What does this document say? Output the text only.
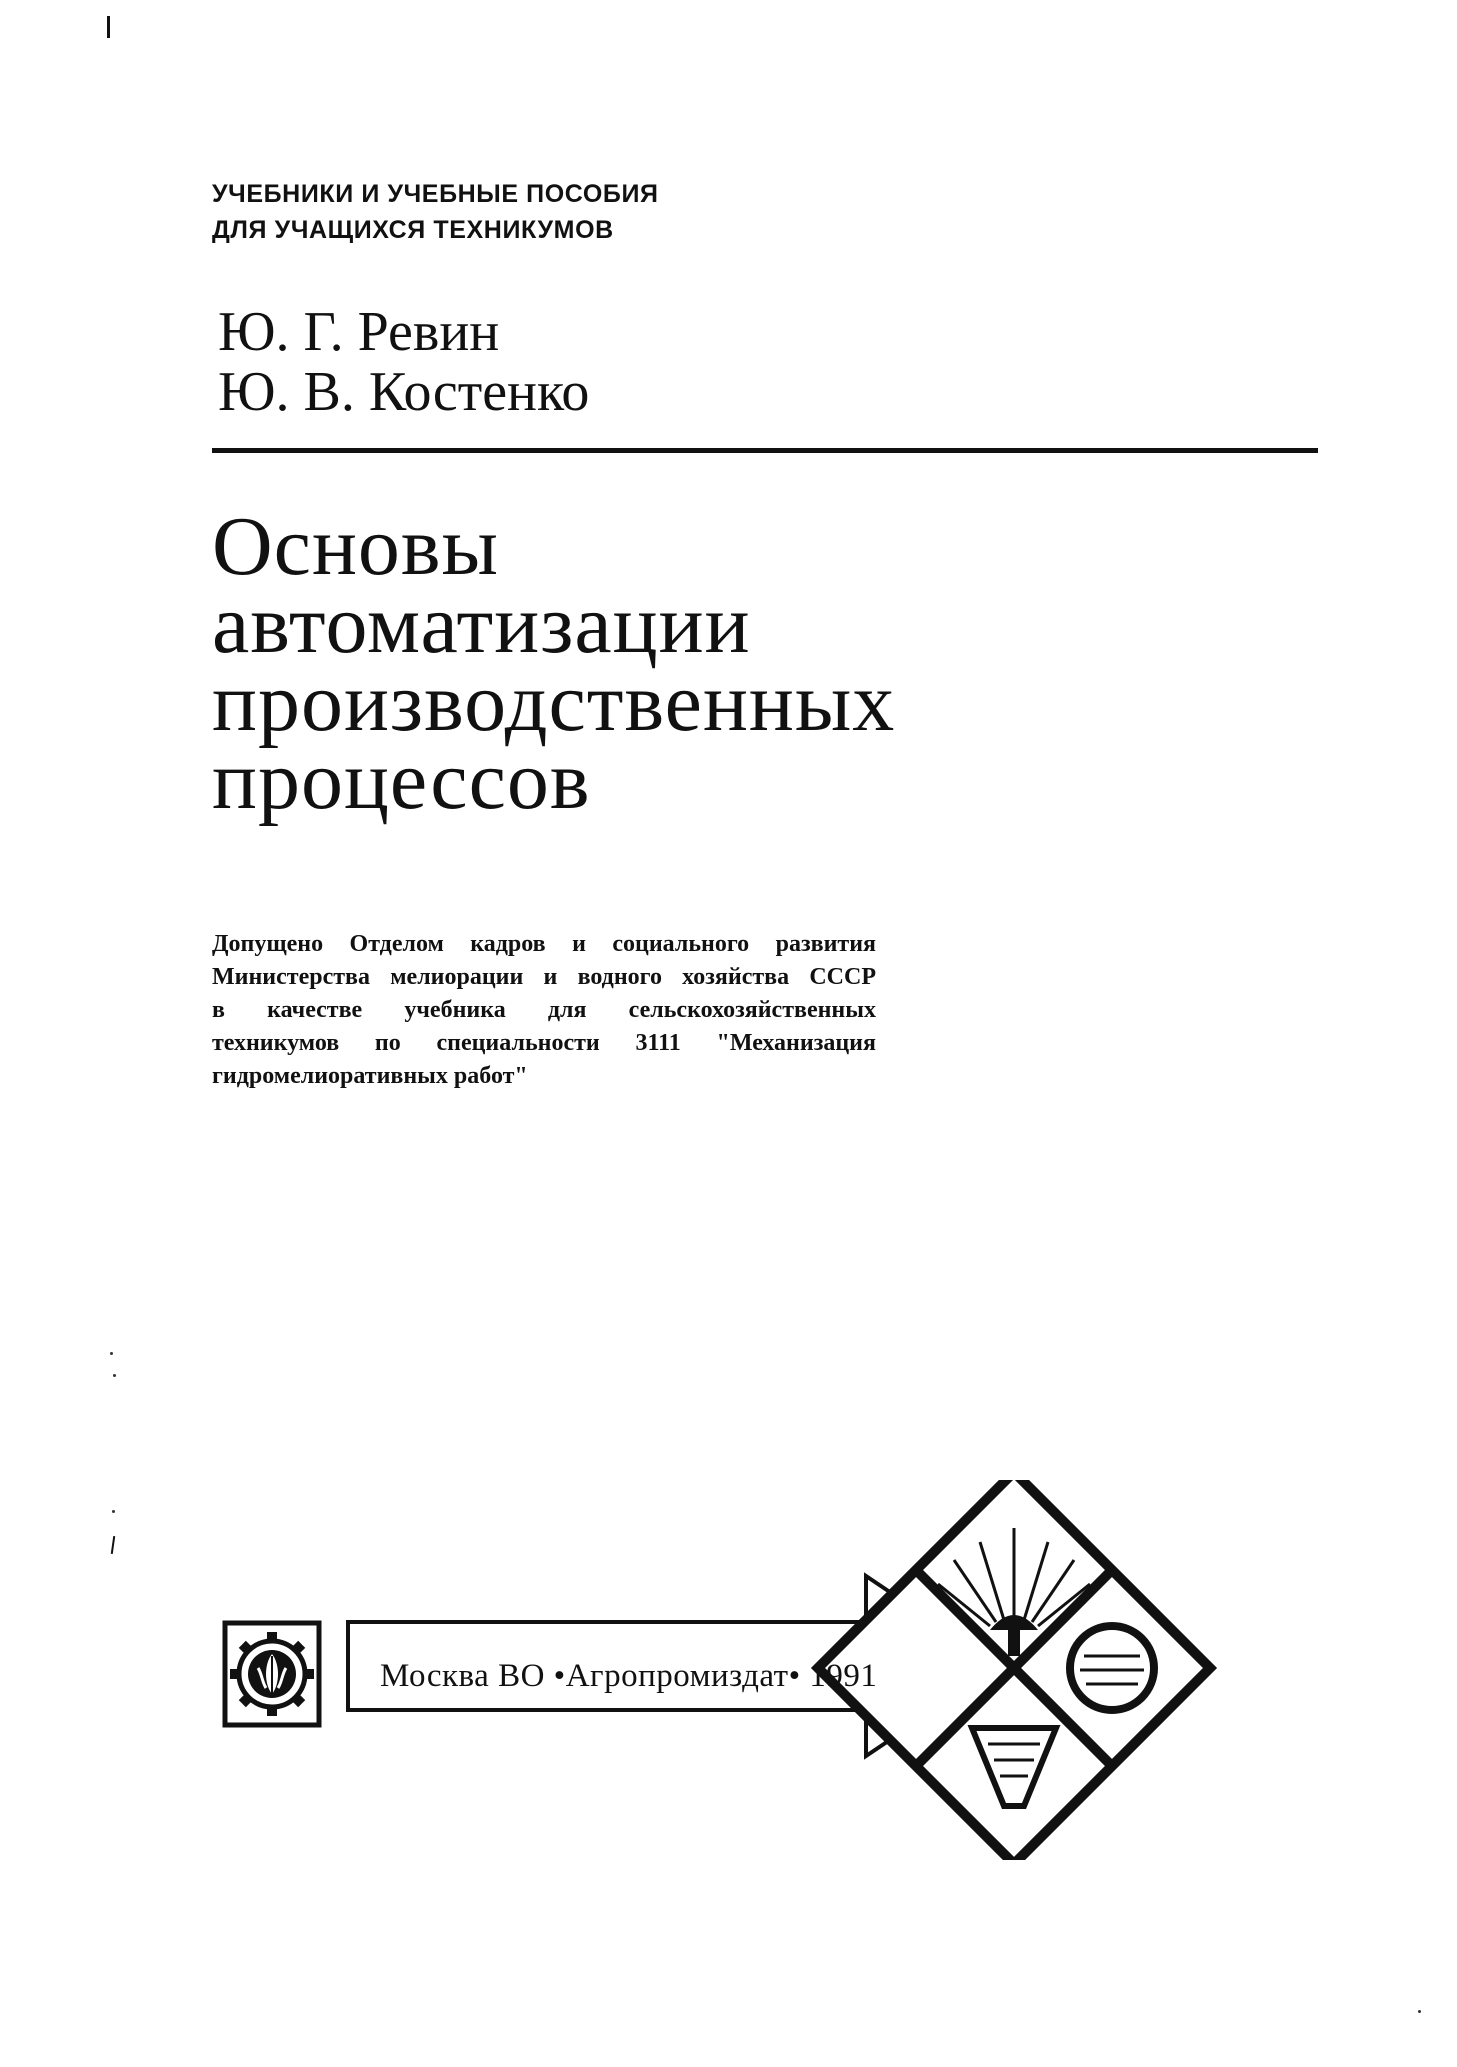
УЧЕБНИКИ И УЧЕБНЫЕ ПОСОБИЯ
ДЛЯ УЧАЩИХСЯ ТЕХНИКУМОВ
Ю. Г. Ревин
Ю. В. Костенко
Основы
автоматизации
производственных
процессов
Допущено Отделом кадров и социального развития
Министерства мелиорации и водного хозяйства СССР
в качестве учебника для сельскохозяйственных
техникумов по специальности 3111 "Механизация
гидромелиоративных работ"
Москва ВО •Агропромиздат• 1991
